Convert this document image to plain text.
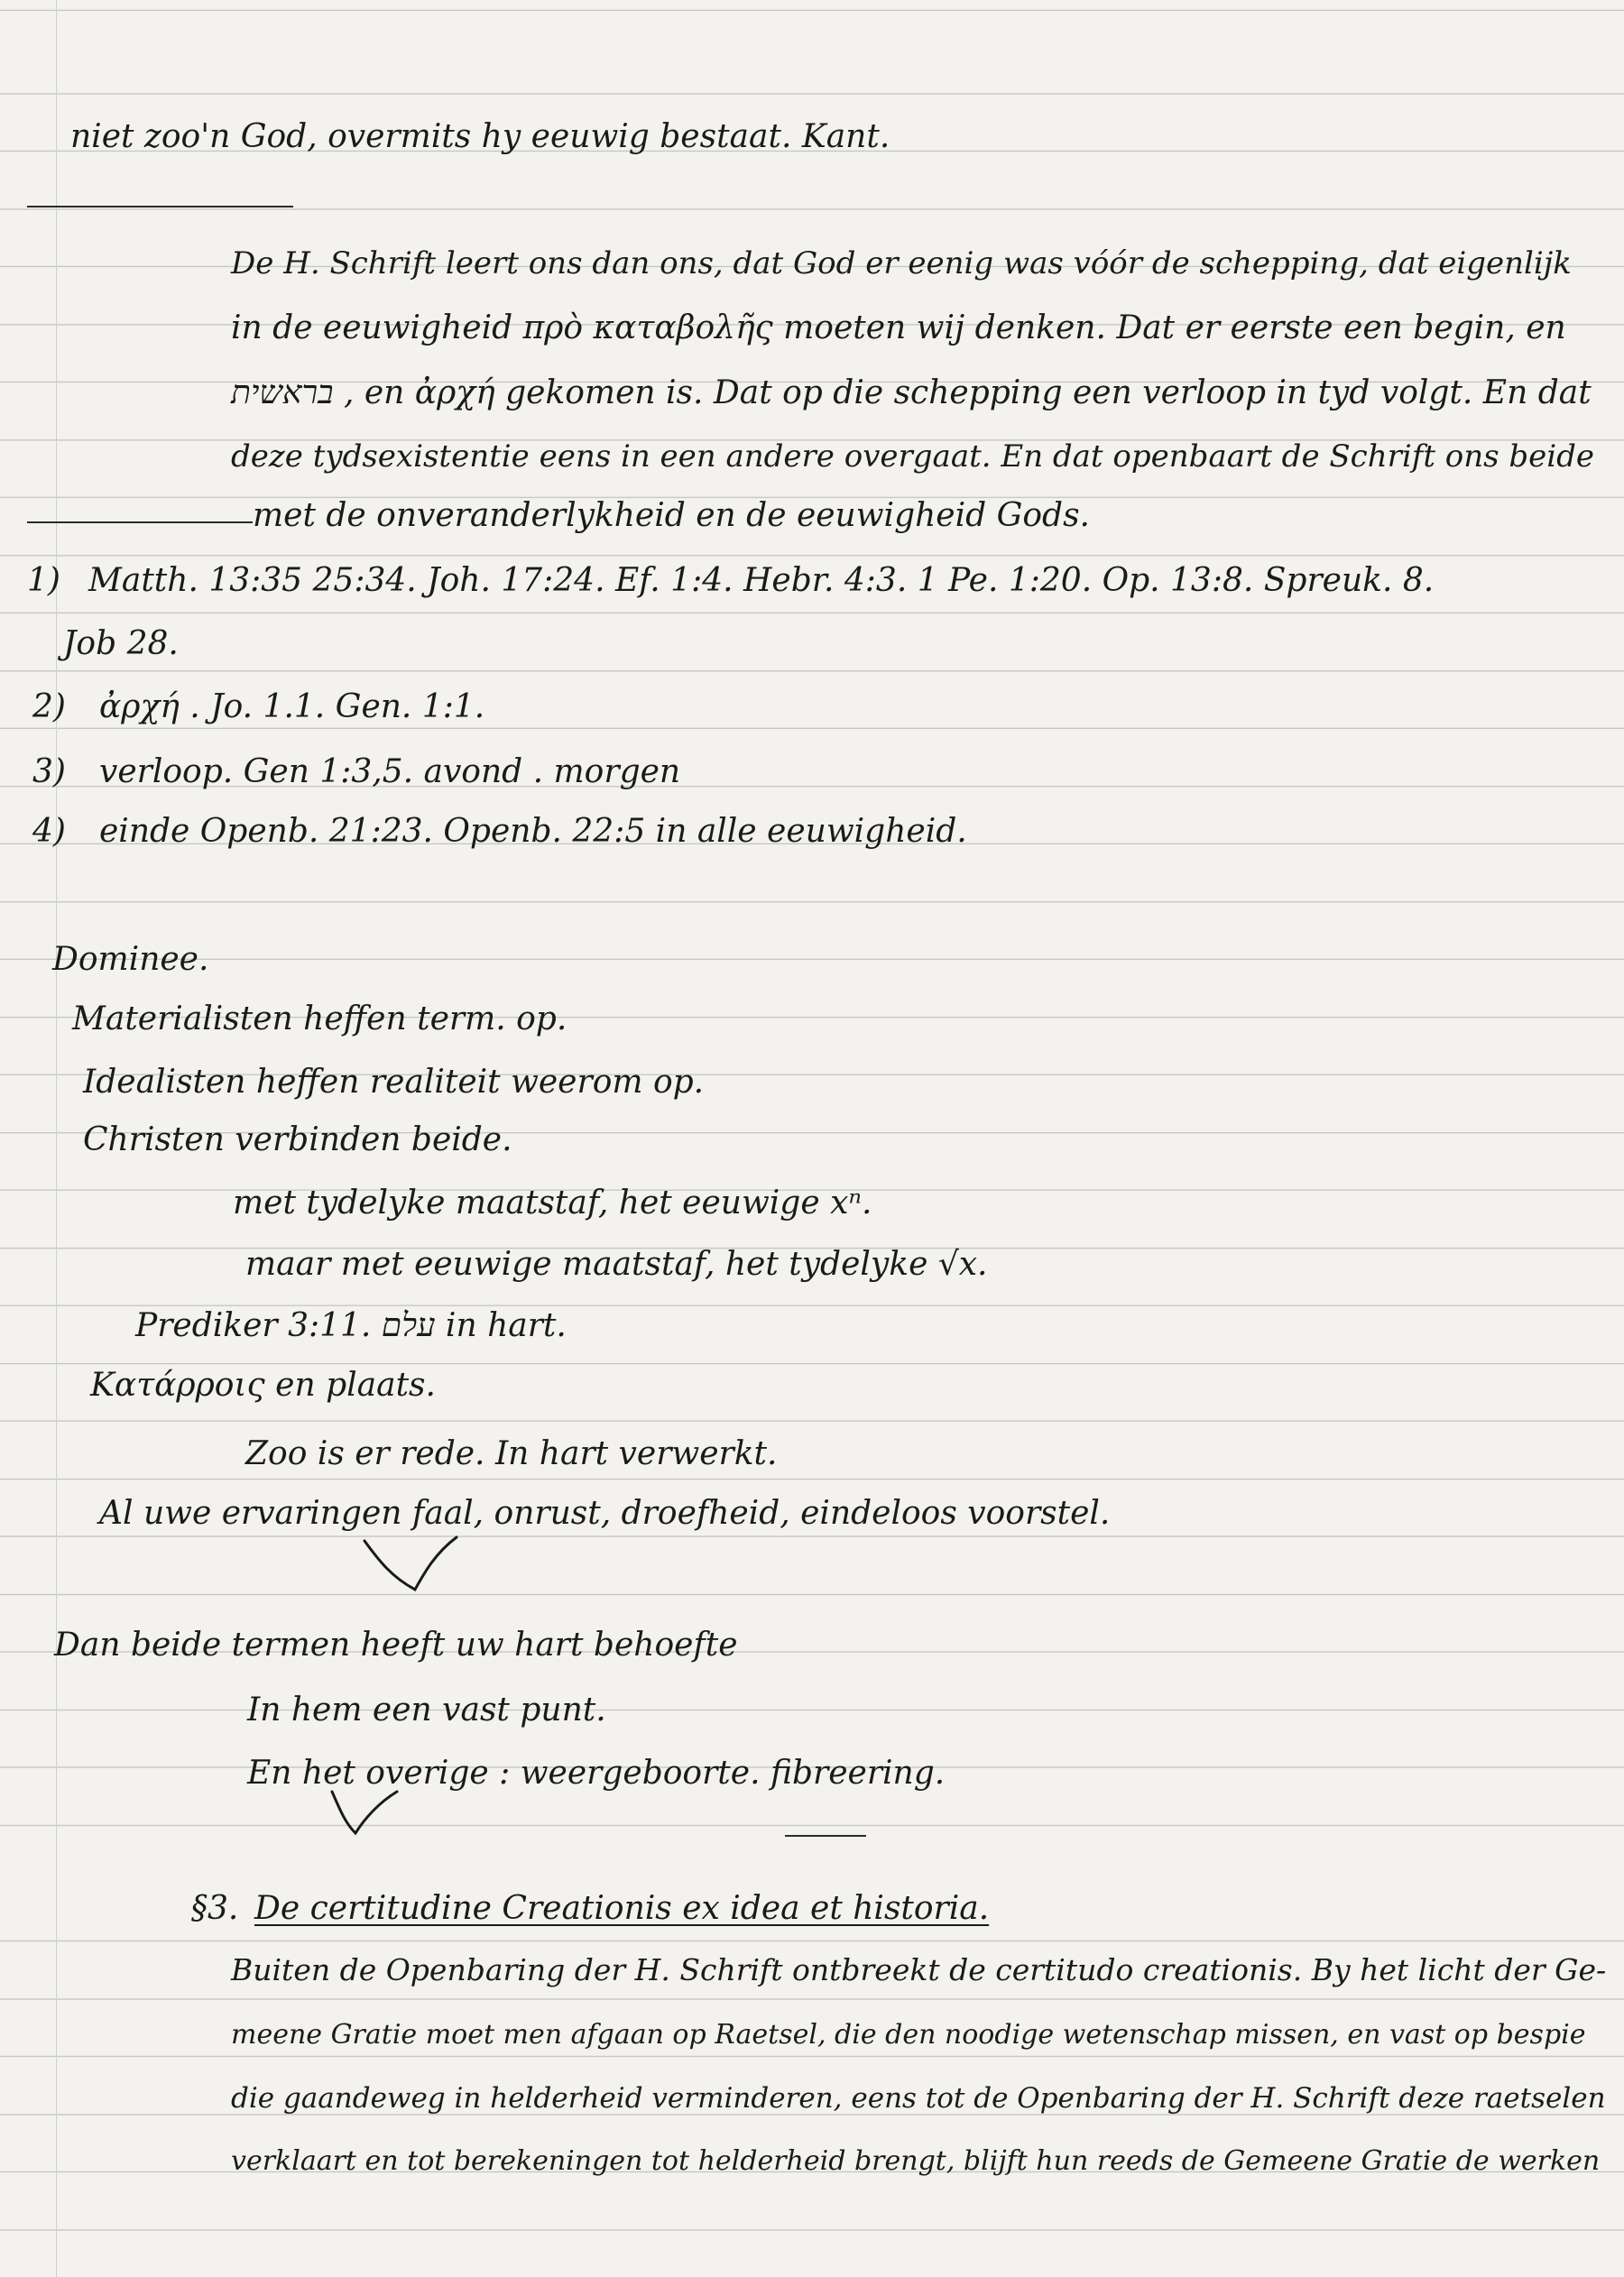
niet zoo'n God, overmits hy eeuwig bestaat. Kant.
De H. Schrift leert ons dan ons, dat God er eenig was vóór de schepping, dat eigenlijk
in de eeuwigheid πρὸ καταβολῆς moeten wij denken. Dat er eerste een begin, en
בראשית , en ἀρχή gekomen is. Dat op die schepping een verloop in tyd volgt. En dat
deze tydsexistentie eens in een andere overgaat. En dat openbaart de Schrift ons beide
met de onveranderlykheid en de eeuwigheid Gods.
1) Matth. 13:35 25:34. Joh. 17:24. Ef. 1:4. Hebr. 4:3. 1 Pe. 1:20. Op. 13:8. Spreuk. 8.
Job 28.
2) ἀρχή . Jo. 1.1. Gen. 1:1.
3) verloop. Gen 1:3,5. avond . morgen
4) einde Openb. 21:23. Openb. 22:5 in alle eeuwigheid.
Dominee.
Materialisten heffen term. op.
Idealisten heffen realiteit weerom op.
Christen verbinden beide.
met tydelyke maatstaf, het eeuwige xⁿ.
maar met eeuwige maatstaf, het tydelyke √x.
Prediker 3:11. עלם in hart.
Κατάρροις en plaats.
Zoo is er rede. In hart verwerkt.
Al uwe ervaringen faal, onrust, droefheid, eindeloos voorstel.
Dan beide termen heeft uw hart behoefte
In hem een vast punt.
En het overige : weergeboorte. fibreering.
§3. De certitudine Creationis ex idea et historia.
Buiten de Openbaring der H. Schrift ontbreekt de certitudo creationis. By het licht der Ge-
meene Gratie moet men afgaan op Raetsel, die den noodige wetenschap missen, en vast op bespie
die gaandeweg in helderheid verminderen, eens tot de Openbaring der H. Schrift deze raetselen
verklaart en tot berekeningen tot helderheid brengt, blijft hun reeds de Gemeene Gratie de werken
